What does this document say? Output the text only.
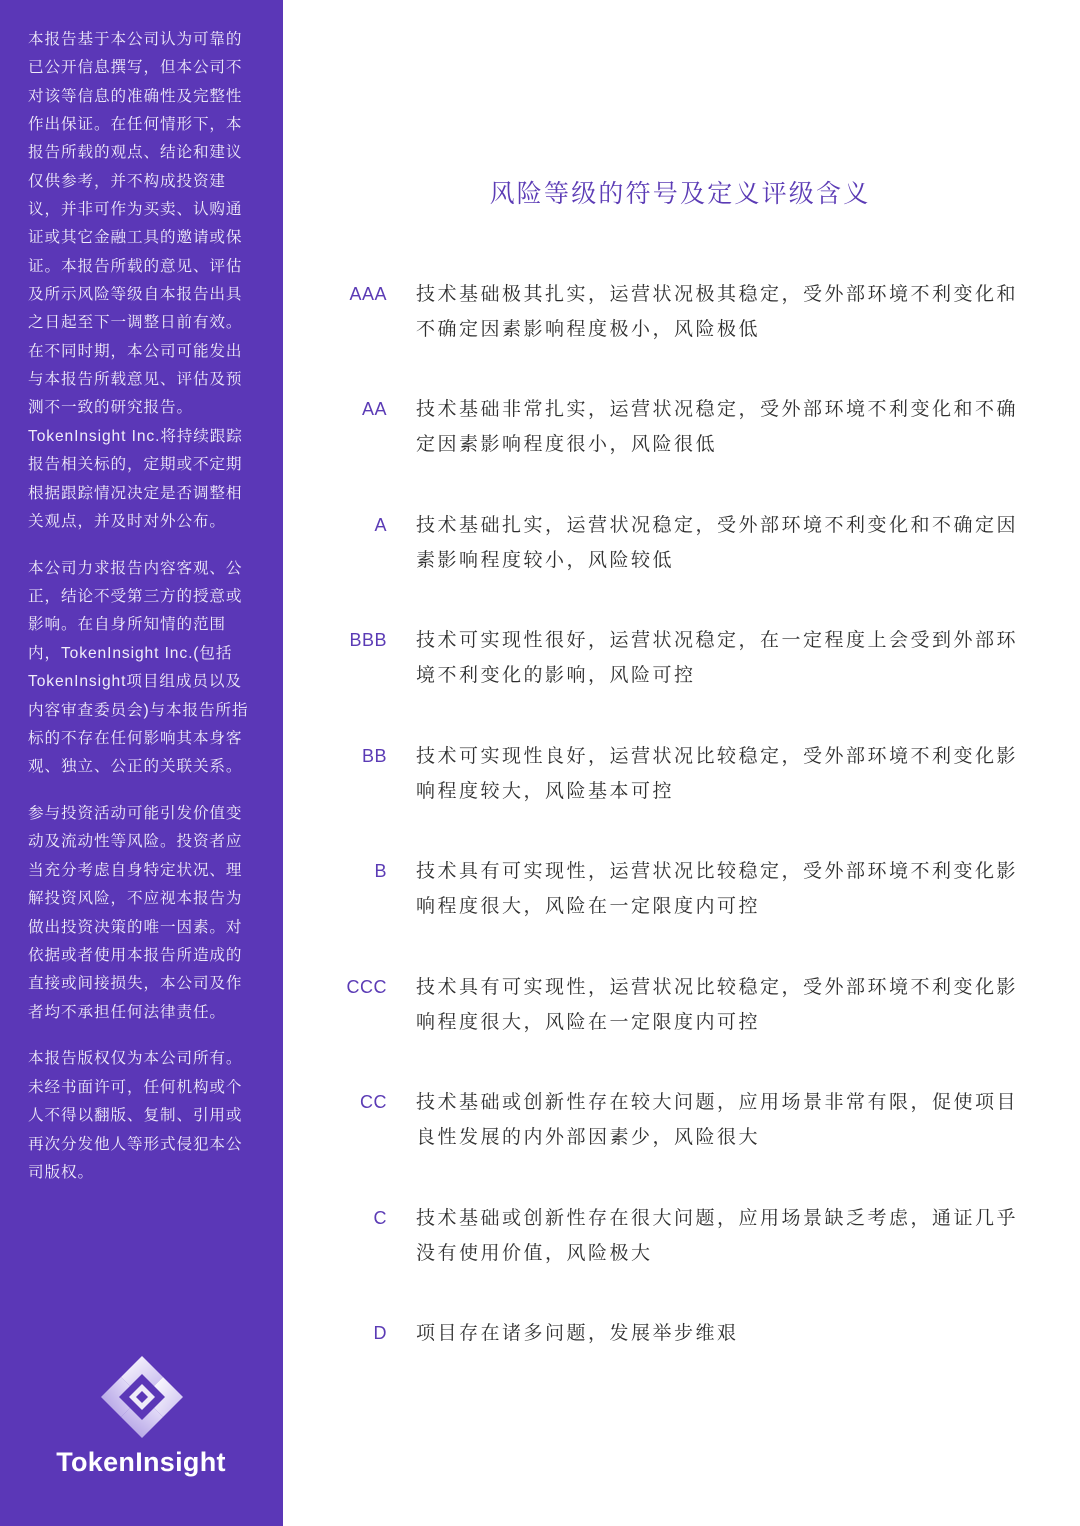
本报告基于本公司认为可靠的
已公开信息撰写，但本公司不
对该等信息的准确性及完整性
作出保证。在任何情形下，本
报告所载的观点、结论和建议
仅供参考，并不构成投资建
议，并非可作为买卖、认购通
证或其它金融工具的邀请或保
证。本报告所载的意见、评估
及所示风险等级自本报告出具
之日起至下一调整日前有效。
在不同时期，本公司可能发出
与本报告所载意见、评估及预
测不一致的研究报告。
TokenInsight Inc.将持续跟踪
报告相关标的，定期或不定期
根据跟踪情况决定是否调整相
关观点，并及时对外公布。
本公司力求报告内容客观、公
正，结论不受第三方的授意或
影响。在自身所知情的范围
内，TokenInsight Inc.(包括
TokenInsight项目组成员以及
内容审查委员会)与本报告所指
标的不存在任何影响其本身客
观、独立、公正的关联关系。
参与投资活动可能引发价值变
动及流动性等风险。投资者应
当充分考虑自身特定状况、理
解投资风险，不应视本报告为
做出投资决策的唯一因素。对
依据或者使用本报告所造成的
直接或间接损失，本公司及作
者均不承担任何法律责任。
本报告版权仅为本公司所有。
未经书面许可，任何机构或个
人不得以翻版、复制、引用或
再次分发他人等形式侵犯本公
司版权。
TokenInsight
风险等级的符号及定义评级含义
AAA 技术基础极其扎实，运营状况极其稳定，受外部环境不利变化和
不确定因素影响程度极小，风险极低
AA 技术基础非常扎实，运营状况稳定，受外部环境不利变化和不确
定因素影响程度很小，风险很低
A 技术基础扎实，运营状况稳定，受外部环境不利变化和不确定因
素影响程度较小，风险较低
BBB 技术可实现性很好，运营状况稳定，在一定程度上会受到外部环
境不利变化的影响，风险可控
BB 技术可实现性良好，运营状况比较稳定，受外部环境不利变化影
响程度较大，风险基本可控
B 技术具有可实现性，运营状况比较稳定，受外部环境不利变化影
响程度很大，风险在一定限度内可控
CCC 技术具有可实现性，运营状况比较稳定，受外部环境不利变化影
响程度很大，风险在一定限度内可控
CC 技术基础或创新性存在较大问题，应用场景非常有限，促使项目
良性发展的内外部因素少，风险很大
C 技术基础或创新性存在很大问题，应用场景缺乏考虑，通证几乎
没有使用价值，风险极大
D 项目存在诸多问题，发展举步维艰
